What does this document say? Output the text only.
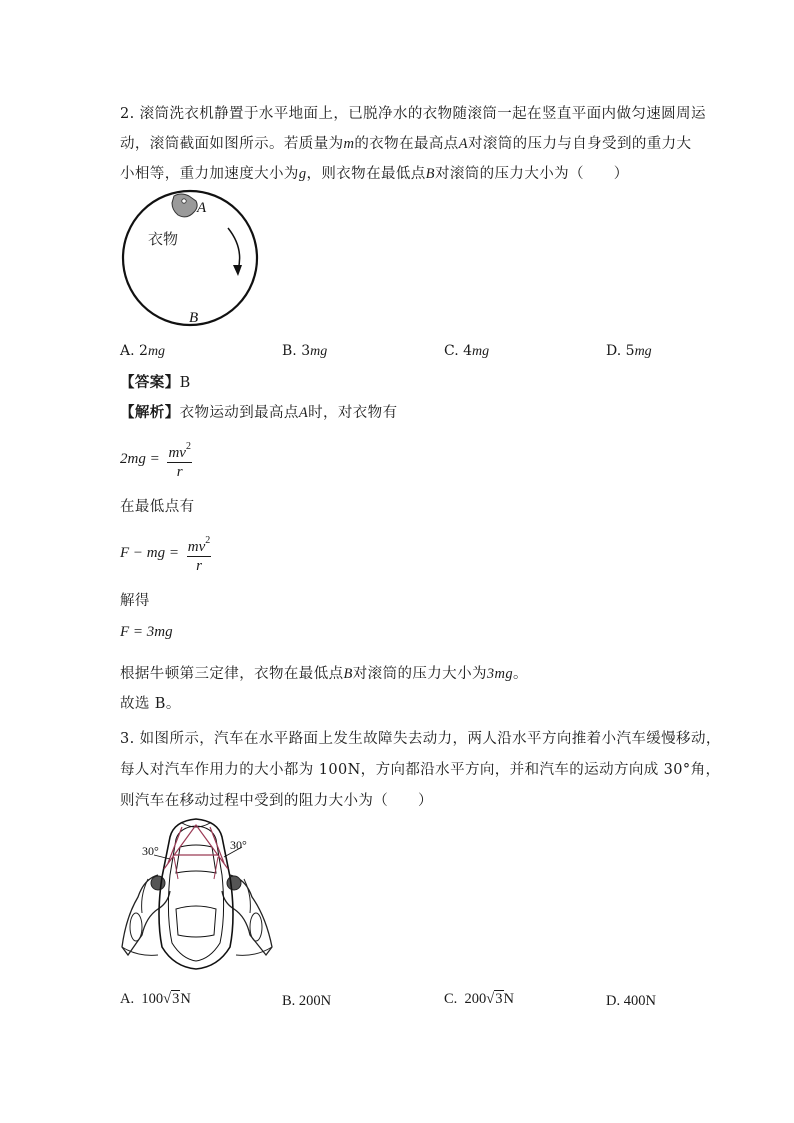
2. 滚筒洗衣机静置于水平地面上，已脱净水的衣物随滚筒一起在竖直平面内做匀速圆周运
动，滚筒截面如图所示。若质量为m的衣物在最高点A对滚筒的压力与自身受到的重力大
小相等，重力加速度大小为g，则衣物在最低点B对滚筒的压力大小为（　　）
A
衣物
B
A. 2mg	B. 3mg	C. 4mg	D. 5mg
【答案】B
【解析】衣物运动到最高点A时，对衣物有
$2mg = \frac{mv^2}{r}$
在最低点有
F − mg = $\frac{mv^2}{r}$
解得
F = 3mg
根据牛顿第三定律，衣物在最低点B对滚筒的压力大小为3mg。
故选 B。
3. 如图所示，汽车在水平路面上发生故障失去动力，两人沿水平方向推着小汽车缓慢移动，
每人对汽车作用力的大小都为 100N，方向都沿水平方向，并和汽车的运动方向成 30°角，
则汽车在移动过程中受到的阻力大小为（　　）
30°	30°
A. 100√3N	B. 200N	C. 200√3N	D. 400N
